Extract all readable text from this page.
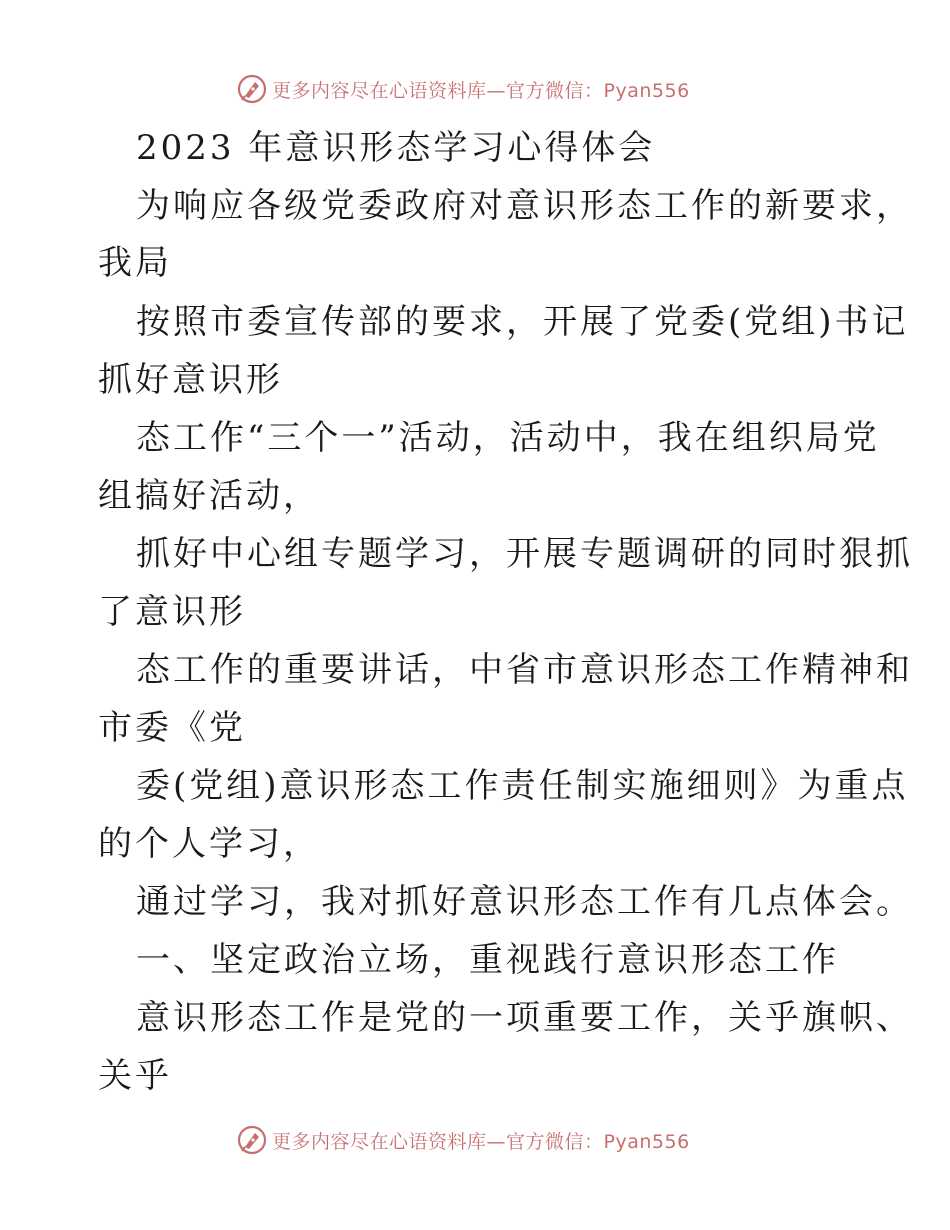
更多内容尽在心语资料库—官方微信：Pyan556
2023 年意识形态学习心得体会
为响应各级党委政府对意识形态工作的新要求，
我局
按照市委宣传部的要求，开展了党委(党组)书记
抓好意识形
态工作“三个一”活动，活动中，我在组织局党
组搞好活动，
抓好中心组专题学习，开展专题调研的同时狠抓
了意识形
态工作的重要讲话，中省市意识形态工作精神和
市委《党
委(党组)意识形态工作责任制实施细则》为重点
的个人学习，
通过学习，我对抓好意识形态工作有几点体会。
一、坚定政治立场，重视践行意识形态工作
意识形态工作是党的一项重要工作，关乎旗帜、
关乎
更多内容尽在心语资料库—官方微信：Pyan556
